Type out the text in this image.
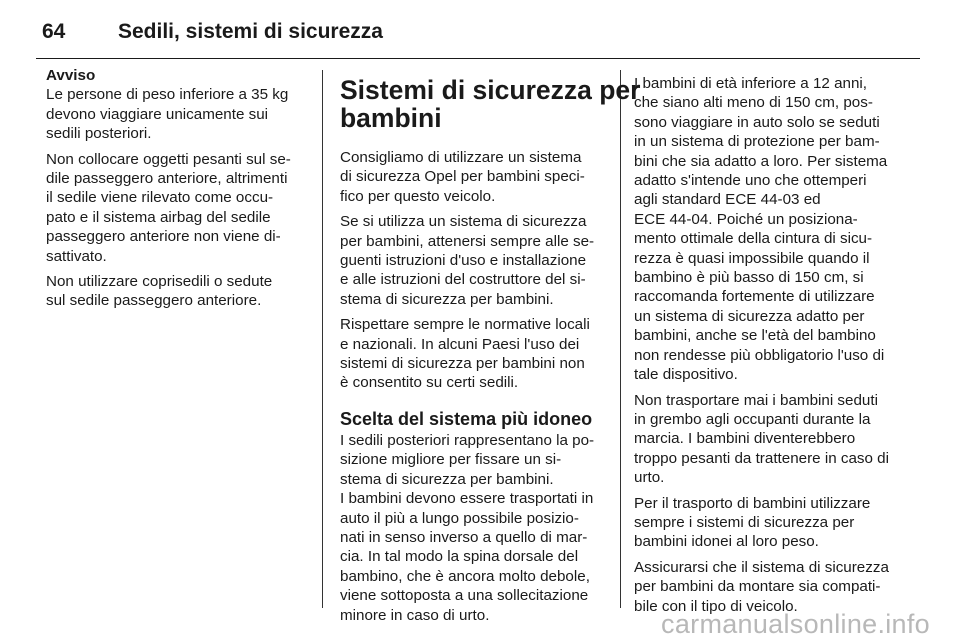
64	Sedili, sistemi di sicurezza
Avviso
Le persone di peso inferiore a 35 kg
devono viaggiare unicamente sui
sedili posteriori.
Non collocare oggetti pesanti sul se-
dile passeggero anteriore, altrimenti
il sedile viene rilevato come occu-
pato e il sistema airbag del sedile
passeggero anteriore non viene di-
sattivato.
Non utilizzare coprisedili o sedute
sul sedile passeggero anteriore.
Sistemi di sicurezza per
bambini
Consigliamo di utilizzare un sistema
di sicurezza Opel per bambini speci-
fico per questo veicolo.
Se si utilizza un sistema di sicurezza
per bambini, attenersi sempre alle se-
guenti istruzioni d'uso e installazione
e alle istruzioni del costruttore del si-
stema di sicurezza per bambini.
Rispettare sempre le normative locali
e nazionali. In alcuni Paesi l'uso dei
sistemi di sicurezza per bambini non
è consentito su certi sedili.
Scelta del sistema più idoneo
I sedili posteriori rappresentano la po-
sizione migliore per fissare un si-
stema di sicurezza per bambini.
I bambini devono essere trasportati in
auto il più a lungo possibile posizio-
nati in senso inverso a quello di mar-
cia. In tal modo la spina dorsale del
bambino, che è ancora molto debole,
viene sottoposta a una sollecitazione
minore in caso di urto.
I bambini di età inferiore a 12 anni,
che siano alti meno di 150 cm, pos-
sono viaggiare in auto solo se seduti
in un sistema di protezione per bam-
bini che sia adatto a loro. Per sistema
adatto s'intende uno che ottemperi
agli standard ECE 44-03 ed
ECE 44-04. Poiché un posiziona-
mento ottimale della cintura di sicu-
rezza è quasi impossibile quando il
bambino è più basso di 150 cm, si
raccomanda fortemente di utilizzare
un sistema di sicurezza adatto per
bambini, anche se l'età del bambino
non rendesse più obbligatorio l'uso di
tale dispositivo.
Non trasportare mai i bambini seduti
in grembo agli occupanti durante la
marcia. I bambini diventerebbero
troppo pesanti da trattenere in caso di
urto.
Per il trasporto di bambini utilizzare
sempre i sistemi di sicurezza per
bambini idonei al loro peso.
Assicurarsi che il sistema di sicurezza
per bambini da montare sia compati-
bile con il tipo di veicolo.
carmanualsonline.info
